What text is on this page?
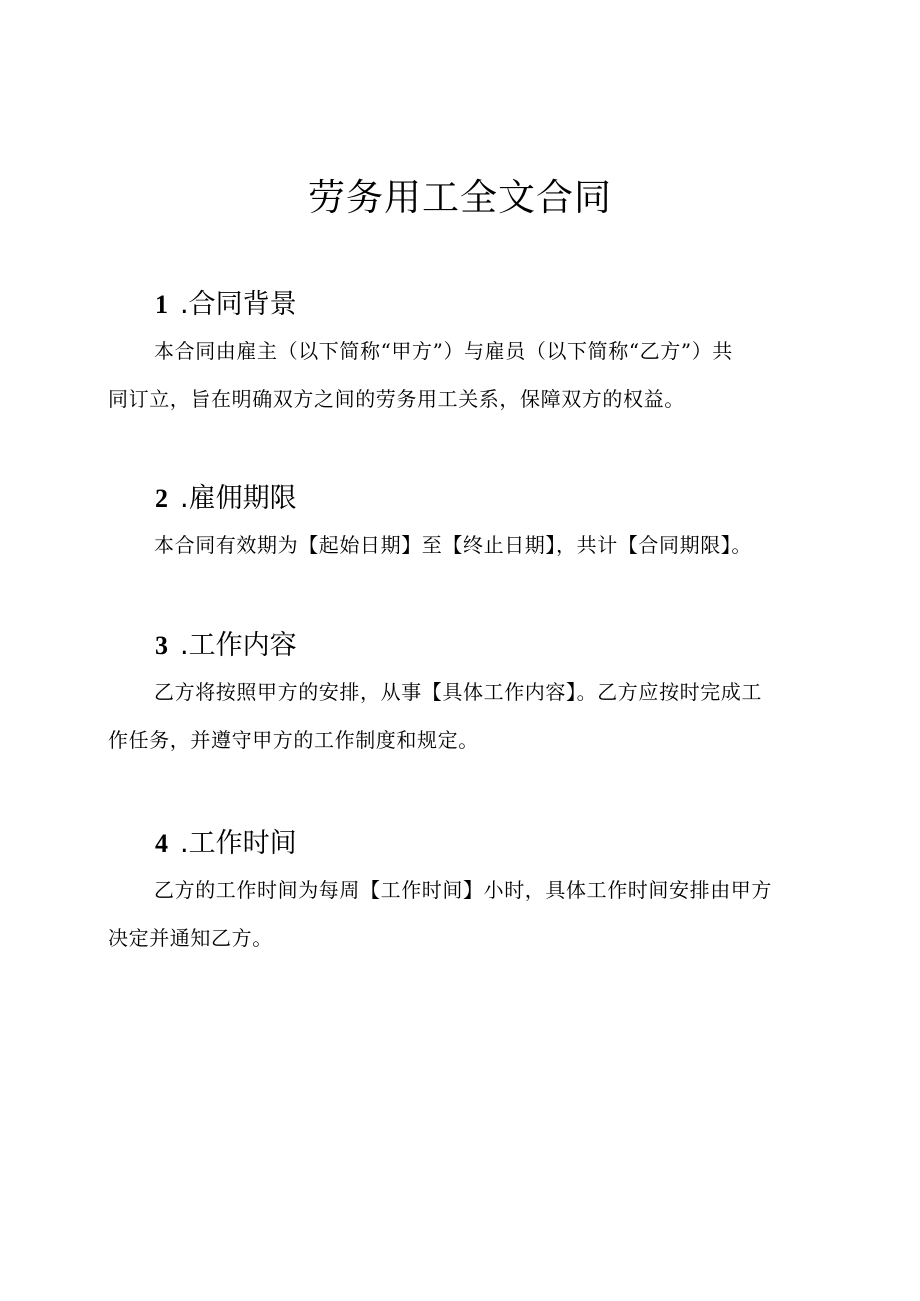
劳务用工全文合同
1 .合同背景

本合同由雇主（以下简称“甲方”）与雇员（以下简称“乙方”）共
同订立，旨在明确双方之间的劳务用工关系，保障双方的权益。

2 .雇佣期限

本合同有效期为【起始日期】至【终止日期】，共计【合同期限】。

3 .工作内容

乙方将按照甲方的安排，从事【具体工作内容】。乙方应按时完成工
作任务，并遵守甲方的工作制度和规定。

4 .工作时间

乙方的工作时间为每周【工作时间】小时，具体工作时间安排由甲方
决定并通知乙方。
